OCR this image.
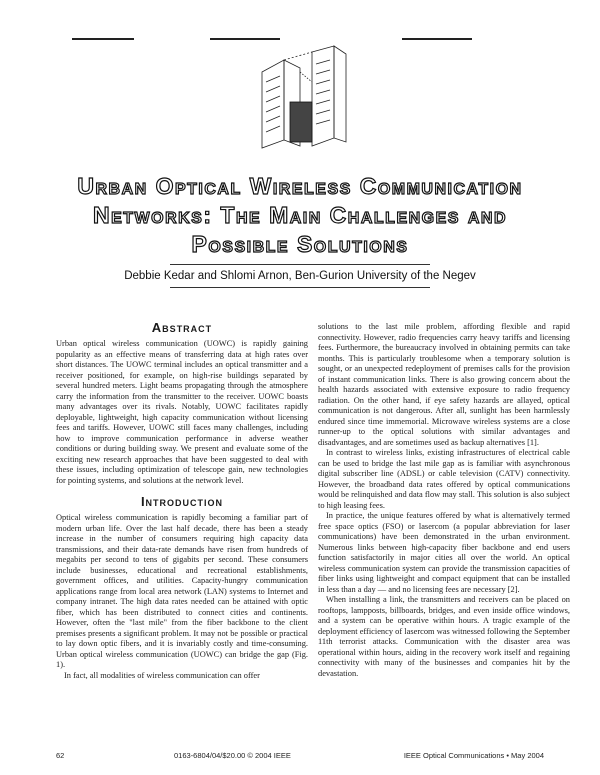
Urban Optical Wireless Communication
Networks: The Main Challenges and
Possible Solutions
Debbie Kedar and Shlomi Arnon, Ben-Gurion University of the Negev
Abstract

Urban optical wireless communication (UOWC) is rapidly gaining popularity as an effective means of transferring data at high rates over short distances. The UOWC terminal includes an optical transmitter and a receiver positioned, for example, on high-rise buildings separated by several hundred meters. Light beams propagating through the atmosphere carry the information from the transmitter to the receiver. UOWC boasts many advantages over its rivals. Notably, UOWC facilitates rapidly deployable, lightweight, high capacity communication without licensing fees and tariffs. However, UOWC still faces many challenges, including how to improve communication performance in adverse weather conditions or during building sway. We present and evaluate some of the exciting new research approaches that have been suggested to deal with these issues, including optimization of telescope gain, new technologies for pointing systems, and solutions at the network level.

Introduction

Optical wireless communication is rapidly becoming a familiar part of modern urban life. Over the last half decade, there has been a steady increase in the number of consumers requiring high capacity data transmissions, and their data-rate demands have risen from hundreds of megabits per second to tens of gigabits per second. These consumers include businesses, educational and recreational establishments, government offices, and utilities. Capacity-hungry communication applications range from local area network (LAN) systems to Internet and company intranet. The high data rates needed can be attained with optic fiber, which has been distributed to connect cities and continents. However, often the "last mile" from the fiber backbone to the client premises presents a significant problem. It may not be possible or practical to lay down optic fibers, and it is invariably costly and time-consuming. Urban optical wireless communication (UOWC) can bridge the gap (Fig. 1).

In fact, all modalities of wireless communication can offer

solutions to the last mile problem, affording flexible and rapid connectivity. However, radio frequencies carry heavy tariffs and licensing fees. Furthermore, the bureaucracy involved in obtaining permits can take months. This is particularly troublesome when a temporary solution is sought, or an unexpected redeployment of premises calls for the provision of instant communication links. There is also growing concern about the health hazards associated with extensive exposure to radio frequency radiation. On the other hand, if eye safety hazards are allayed, optical communication is not dangerous. After all, sunlight has been harmlessly endured since time immemorial. Microwave wireless systems are a close runner-up to the optical solutions with similar advantages and disadvantages, and are sometimes used as backup alternatives [1].

In contrast to wireless links, existing infrastructures of electrical cable can be used to bridge the last mile gap as is familiar with asynchronous digital subscriber line (ADSL) or cable television (CATV) connectivity. However, the broadband data rates offered by optical communications would be relinquished and data flow may stall. This solution is also subject to high leasing fees.

In practice, the unique features offered by what is alternatively termed free space optics (FSO) or lasercom (a popular abbreviation for laser communications) have been demonstrated in the urban environment. Numerous links between high-capacity fiber backbone and end users function satisfactorily in major cities all over the world. An optical wireless communication system can provide the transmission capacities of fiber links using lightweight and compact equipment that can be installed in less than a day — and no licensing fees are necessary [2].

When installing a link, the transmitters and receivers can be placed on rooftops, lampposts, billboards, bridges, and even inside office windows, and a system can be operative within hours. A tragic example of the deployment efficiency of lasercom was witnessed following the September 11th terrorist attacks. Communication with the disaster area was operational within hours, aiding in the recovery work itself and regaining connectivity with many of the businesses and companies hit by the devastation.

62	0163-6804/04/$20.00 © 2004 IEEE	IEEE Optical Communications • May 2004
